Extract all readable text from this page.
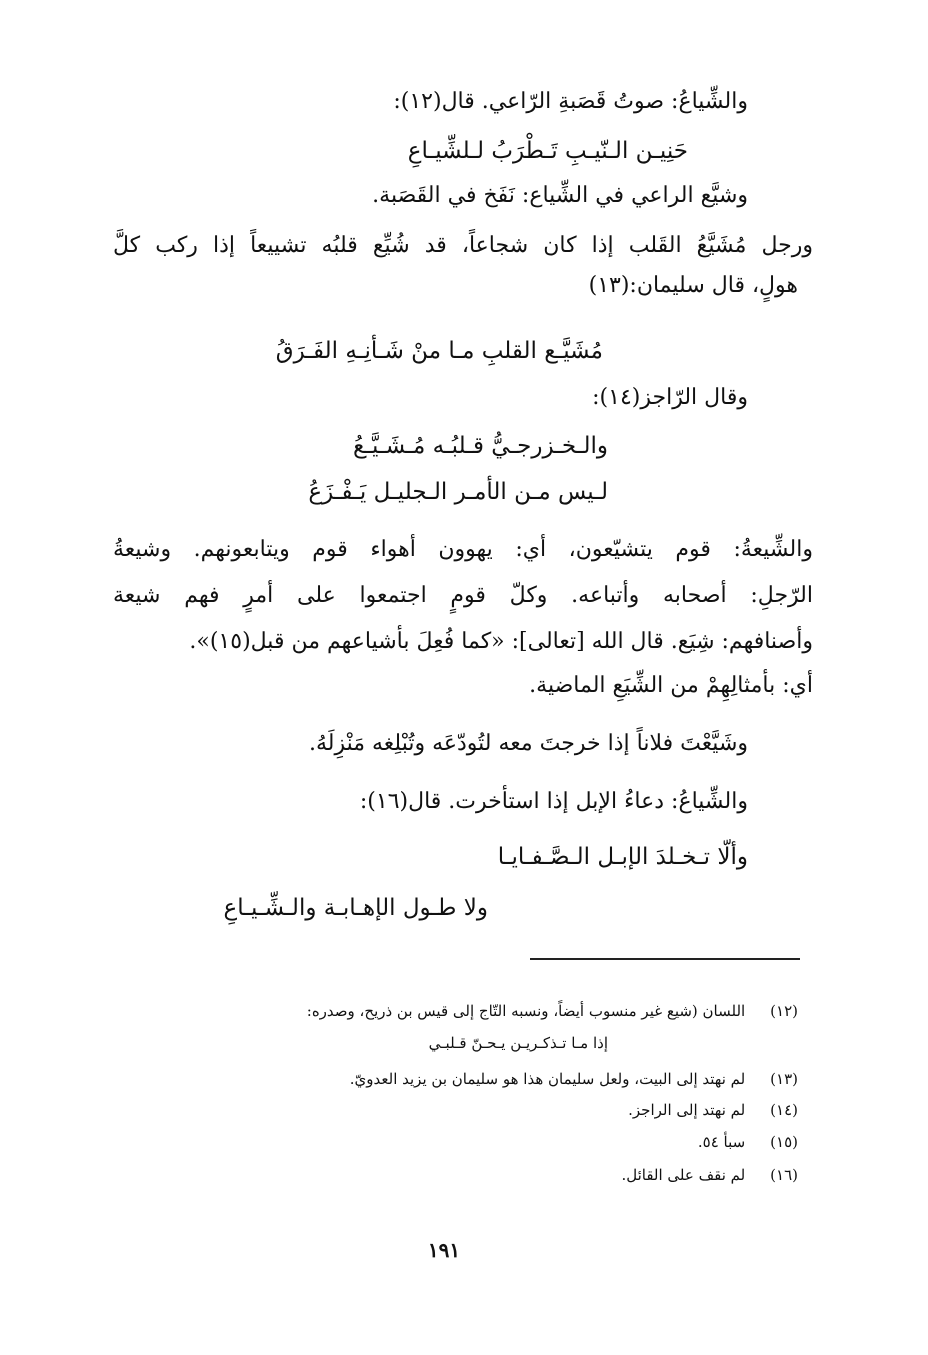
والشِّياعُ: صوتُ قَصَبةِ الرّاعي. قال(١٢):
حَنِيـن الـنّيـبِ تَـطْرَبُ لـلشِّيـاعِ
وشيَّع الراعي في الشِّياع: نَفَخ في القَصَبة.
ورجل مُشَيَّعُ القَلب إذا كان شجاعاً، قد شُيِّع قلبُه تشييعاً إذا ركب كلَّ
هولٍ، قال سليمان:(١٣)
مُشَيَّـع القلبِ مـا منْ شَـأنِـهِ الفَـرَقُ
وقال الرّاجز(١٤):
والـخـزرجـيُّ قـلبُـه مُـشَـيَّـعُ
لـيس مـن الأمـر الـجليـل يَـفْـزَعُ
والشِّيعةُ: قوم يتشيّعون، أي: يهوون أهواء قوم ويتابعونهم. وشيعةُ
الرّجلِ: أصحابه وأتباعه. وكلّ قومٍ اجتمعوا على أمرٍ فهم شيعة
وأصنافهم: شِيَع. قال الله [تعالى]: «كما فُعِلَ بأشياعهم من قبل(١٥)».
أي: بأمثالِهِمْ من الشِّيَعِ الماضية.
وشَيَّعْتَ فلاناً إذا خرجتَ معه لتُودّعَه وتُبْلِغه مَنْزِلَهُ.
والشِّياعُ: دعاءُ الإبل إذا استأخرت. قال(١٦):
وألّا تـخـلدَ الإبـل الـصَّـفـايـا
ولا طـول الإهـابـة والـشِّـيـاعِ
(١٢) اللسان (شيع غير منسوب أيضاً، ونسبه التّاج إلى قيس بن ذريح، وصدره:
إذا مـا تـذكـريـن يـحـنّ قـلبـي
(١٣) لم نهتد إلى البيت، ولعل سليمان هذا هو سليمان بن يزيد العدويّ.
(١٤) لم نهتد إلى الراجز.
(١٥) سبأ ٥٤.
(١٦) لم نقف على القائل.
١٩١
